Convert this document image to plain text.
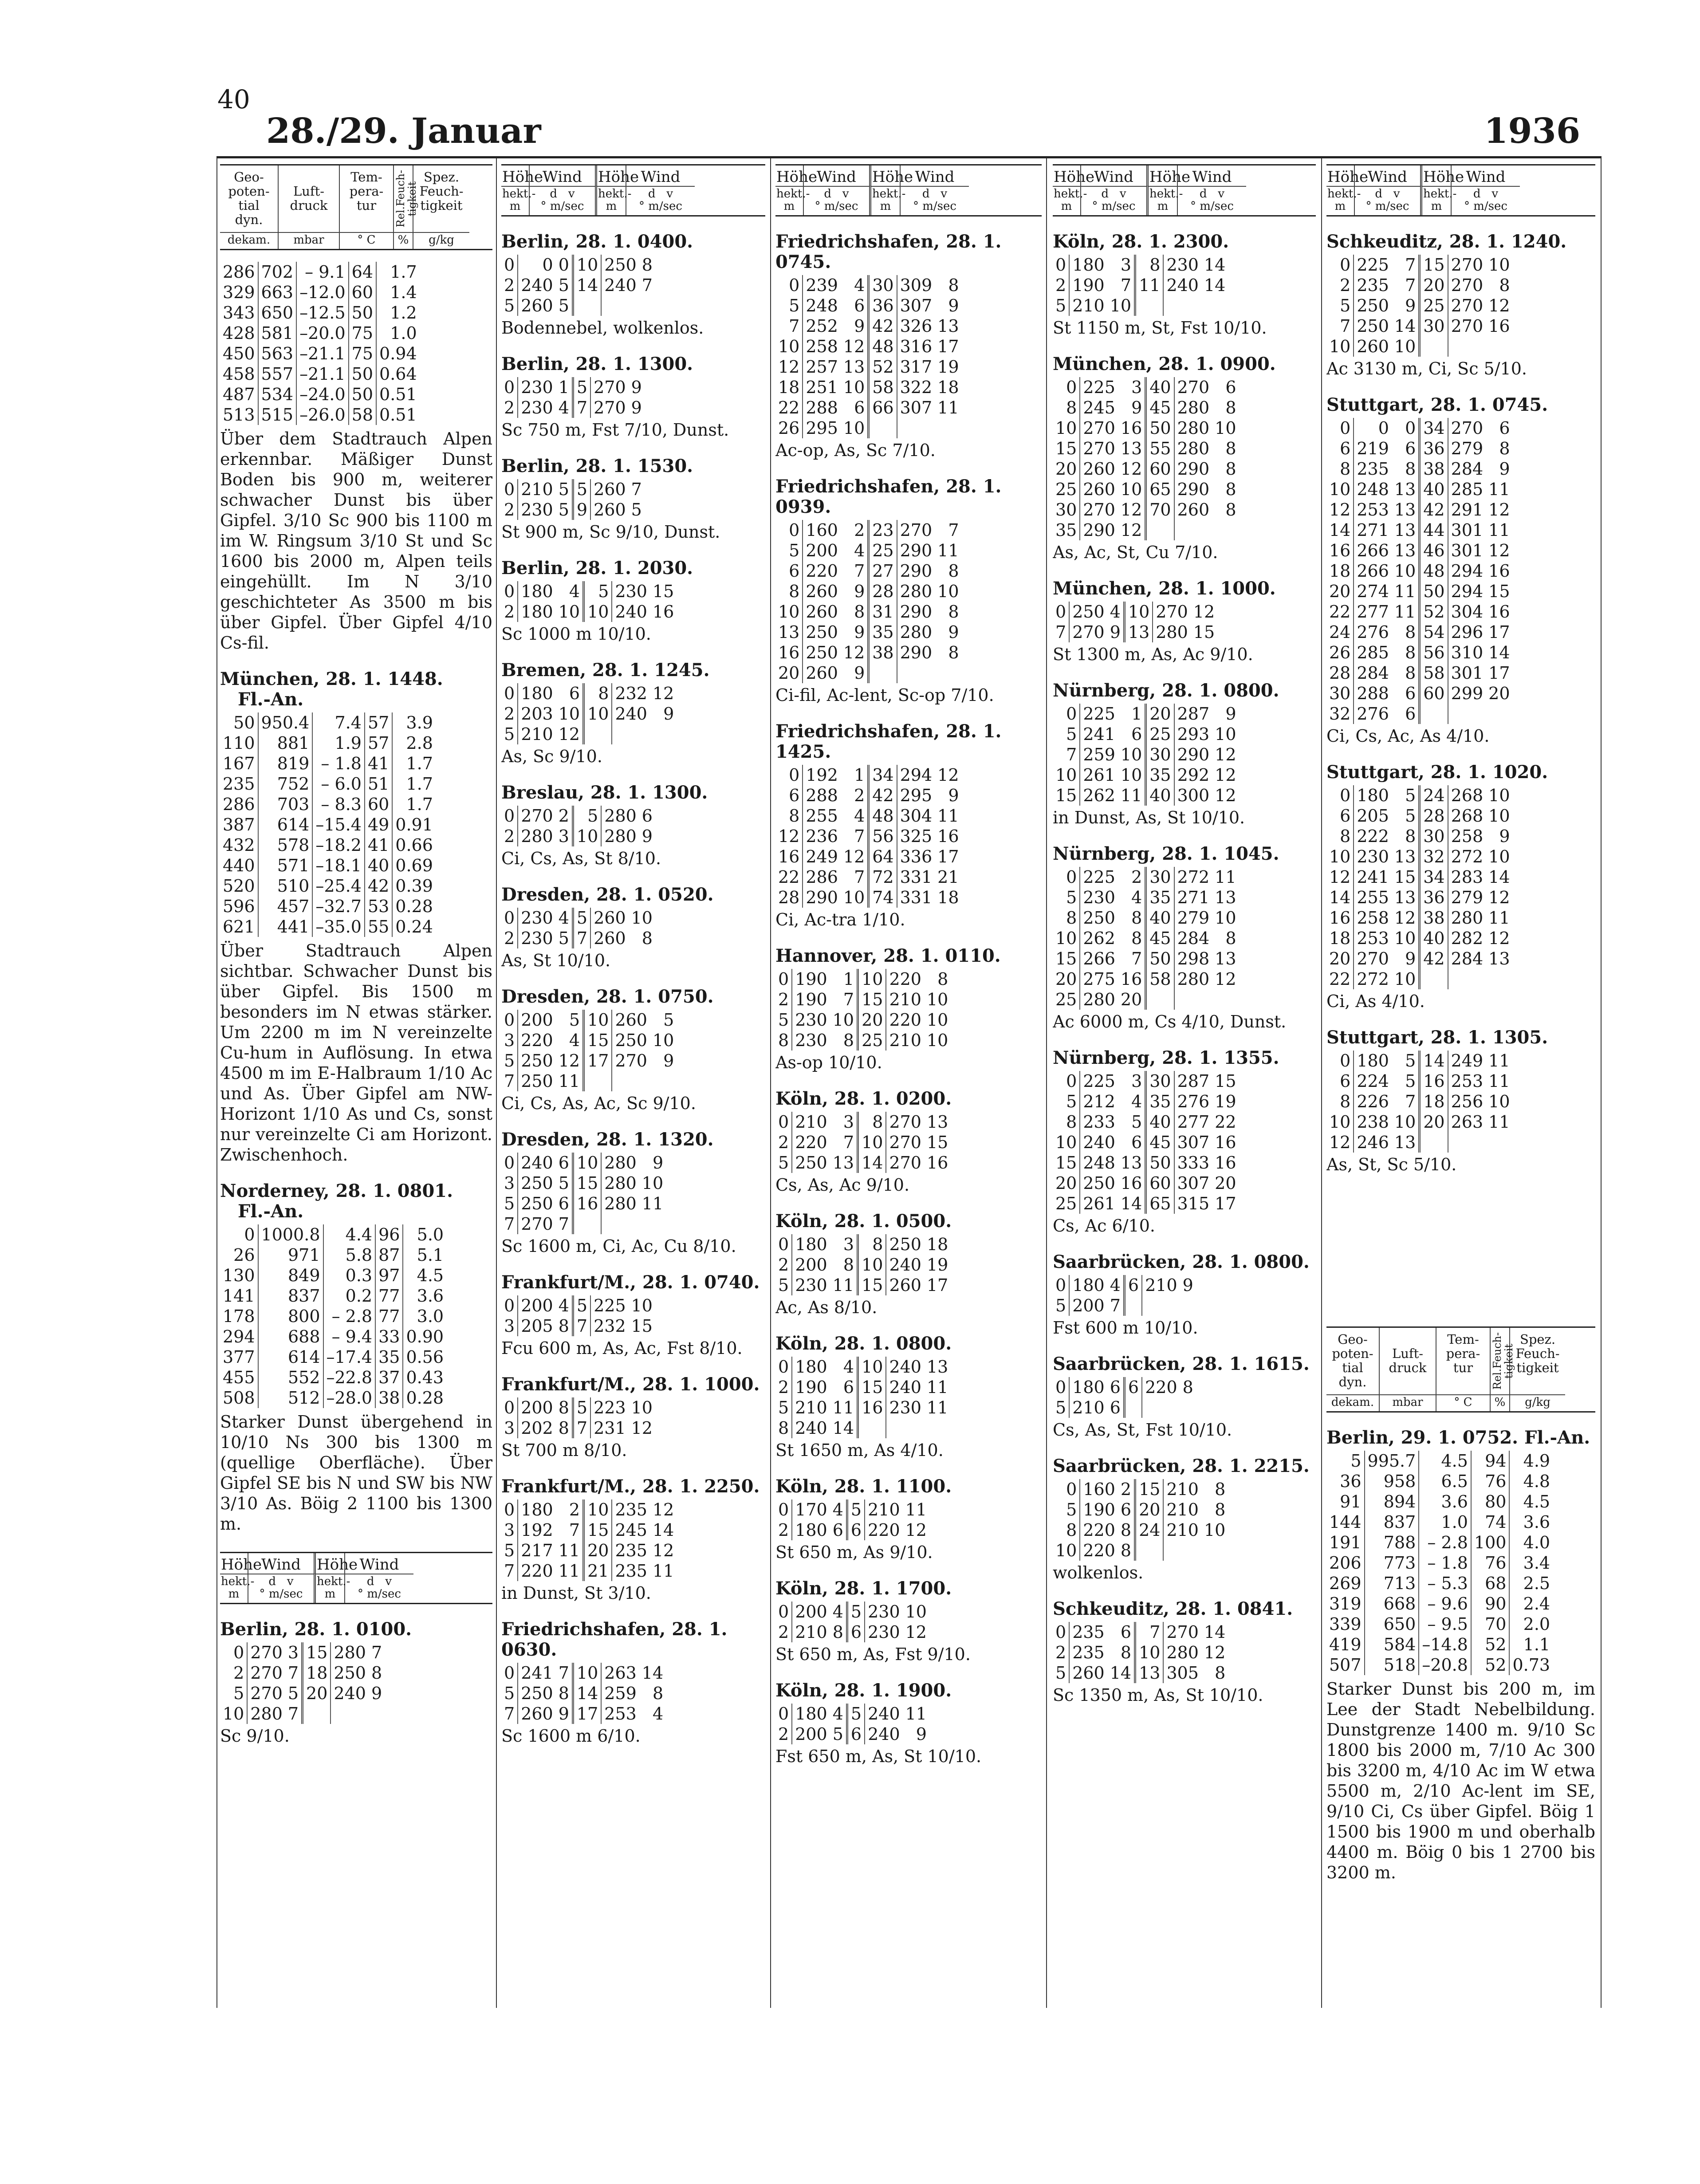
40
28./29. Januar	1936
Geo-
poten-
tial
dyn.

Luft-
druck
Tem-
pera-
tur	Rel.Feuch-
tigkeit
Spez.
Feuch-
tigkeit
dekam.	mbar	° C	%	g/kg
286	702	– 9.1	64	1.7
329	663	–12.0	60	1.4
343	650	–12.5	50	1.2
428	581	–20.0	75	1.0
450	563	–21.1	75	0.94
458	557	–21.1	50	0.64
487	534	–24.0	50	0.51
513	515	–26.0	58	0.51
Über dem Stadtrauch Alpen erkennbar. Mäßiger Dunst Boden bis 900 m, weiterer schwacher Dunst bis über Gipfel. 3/10 Sc 900 bis 1100 m im W. Ringsum 3/10 St und Sc 1600 bis 2000 m, Alpen teils eingehüllt. Im N 3/10 geschichteter As 3500 m bis über Gipfel. Über Gipfel 4/10 Cs-fil.
München, 28. 1. 1448.
Fl.-An.
50	950.4	7.4	57	3.9
110	881	1.9	57	2.8
167	819	– 1.8	41	1.7
235	752	– 6.0	51	1.7
286	703	– 8.3	60	1.7
387	614	–15.4	49	0.91
432	578	–18.2	41	0.66
440	571	–18.1	40	0.69
520	510	–25.4	42	0.39
596	457	–32.7	53	0.28
621	441	–35.0	55	0.24
Über Stadtrauch Alpen sichtbar. Schwacher Dunst bis über Gipfel. Bis 1500 m besonders im N etwas stärker. Um 2200 m im N vereinzelte Cu-hum in Auflösung. In etwa 4500 m im E-Halbraum 1/10 Ac und As. Über Gipfel am NW-Horizont 1/10 As und Cs, sonst nur vereinzelte Ci am Horizont. Zwischenhoch.
Norderney, 28. 1. 0801.
Fl.-An.
0	1000.8	4.4	96	5.0
26	971	5.8	87	5.1
130	849	0.3	97	4.5
141	837	0.2	77	3.6
178	800	– 2.8	77	3.0
294	688	– 9.4	33	0.90
377	614	–17.4	35	0.56
455	552	–22.8	37	0.43
508	512	–28.0	38	0.28
Starker Dunst übergehend in 10/10 Ns 300 bis 1300 m (quellige Oberfläche). Über Gipfel SE bis N und SW bis NW 3/10 As. Böig 2 1100 bis 1300 m.
Höhe
Wind	Höhe Wind
hekt.-
m
d   v
° m/sec
hekt.-
m
d   v
° m/sec
Berlin, 28. 1. 0100.
0	270	3	15	280	7
2	270	7	18	250	8
5	270	5	20	240	9
10	280	7			
Sc 9/10.
Höhe
Wind	Höhe Wind
hekt.-
m
d   v
° m/sec
hekt.-
m
d   v
° m/sec
Berlin, 28. 1. 0400.
0	0	0	10	250	8
2	240	5	14	240	7
5	260	5			
Bodennebel, wolkenlos.
Berlin, 28. 1. 1300.
0	230	1	5	270	9
2	230	4	7	270	9
Sc 750 m, Fst 7/10, Dunst.
Berlin, 28. 1. 1530.
0	210	5	5	260	7
2	230	5	9	260	5
St 900 m, Sc 9/10, Dunst.
Berlin, 28. 1. 2030.
0	180	4	5	230	15
2	180	10	10	240	16
Sc 1000 m 10/10.
Bremen, 28. 1. 1245.
0	180	6	8	232	12
2	203	10	10	240	9
5	210	12			
As, Sc 9/10.
Breslau, 28. 1. 1300.
0	270	2	5	280	6
2	280	3	10	280	9
Ci, Cs, As, St 8/10.
Dresden, 28. 1. 0520.
0	230	4	5	260	10
2	230	5	7	260	8
As, St 10/10.
Dresden, 28. 1. 0750.
0	200	5	10	260	5
3	220	4	15	250	10
5	250	12	17	270	9
7	250	11			
Ci, Cs, As, Ac, Sc 9/10.
Dresden, 28. 1. 1320.
0	240	6	10	280	9
3	250	5	15	280	10
5	250	6	16	280	11
7	270	7			
Sc 1600 m, Ci, Ac, Cu 8/10.
Frankfurt/M., 28. 1. 0740.
0	200	4	5	225	10
3	205	8	7	232	15
Fcu 600 m, As, Ac, Fst 8/10.
Frankfurt/M., 28. 1. 1000.
0	200	8	5	223	10
3	202	8	7	231	12
St 700 m 8/10.
Frankfurt/M., 28. 1. 2250.
0	180	2	10	235	12
3	192	7	15	245	14
5	217	11	20	235	12
7	220	11	21	235	11
in Dunst, St 3/10.
Friedrichshafen, 28. 1. 0630.
0	241	7	10	263	14
5	250	8	14	259	8
7	260	9	17	253	4
Sc 1600 m 6/10.
Höhe
Wind	Höhe Wind
hekt.-
m
d   v
° m/sec
hekt.-
m
d   v
° m/sec
Friedrichshafen, 28. 1. 0745.
0	239	4	30	309	8
5	248	6	36	307	9
7	252	9	42	326	13
10	258	12	48	316	17
12	257	13	52	317	19
18	251	10	58	322	18
22	288	6	66	307	11
26	295	10			
Ac-op, As, Sc 7/10.
Friedrichshafen, 28. 1. 0939.
0	160	2	23	270	7
5	200	4	25	290	11
6	220	7	27	290	8
8	260	9	28	280	10
10	260	8	31	290	8
13	250	9	35	280	9
16	250	12	38	290	8
20	260	9			
Ci-fil, Ac-lent, Sc-op 7/10.
Friedrichshafen, 28. 1. 1425.
0	192	1	34	294	12
6	288	2	42	295	9
8	255	4	48	304	11
12	236	7	56	325	16
16	249	12	64	336	17
22	286	7	72	331	21
28	290	10	74	331	18
Ci, Ac-tra 1/10.
Hannover, 28. 1. 0110.
0	190	1	10	220	8
2	190	7	15	210	10
5	230	10	20	220	10
8	230	8	25	210	10
As-op 10/10.
Köln, 28. 1. 0200.
0	210	3	8	270	13
2	220	7	10	270	15
5	250	13	14	270	16
Cs, As, Ac 9/10.
Köln, 28. 1. 0500.
0	180	3	8	250	18
2	200	8	10	240	19
5	230	11	15	260	17
Ac, As 8/10.
Köln, 28. 1. 0800.
0	180	4	10	240	13
2	190	6	15	240	11
5	210	11	16	230	11
8	240	14			
St 1650 m, As 4/10.
Köln, 28. 1. 1100.
0	170	4	5	210	11
2	180	6	6	220	12
St 650 m, As 9/10.
Köln, 28. 1. 1700.
0	200	4	5	230	10
2	210	8	6	230	12
St 650 m, As, Fst 9/10.
Köln, 28. 1. 1900.
0	180	4	5	240	11
2	200	5	6	240	9
Fst 650 m, As, St 10/10.
Höhe
Wind	Höhe Wind
hekt.-
m
d   v
° m/sec
hekt.-
m
d   v
° m/sec
Köln, 28. 1. 2300.
0	180	3	8	230	14
2	190	7	11	240	14
5	210	10			
St 1150 m, St, Fst 10/10.
München, 28. 1. 0900.
0	225	3	40	270	6
8	245	9	45	280	8
10	270	16	50	280	10
15	270	13	55	280	8
20	260	12	60	290	8
25	260	10	65	290	8
30	270	12	70	260	8
35	290	12			
As, Ac, St, Cu 7/10.
München, 28. 1. 1000.
0	250	4	10	270	12
7	270	9	13	280	15
St 1300 m, As, Ac 9/10.
Nürnberg, 28. 1. 0800.
0	225	1	20	287	9
5	241	6	25	293	10
7	259	10	30	290	12
10	261	10	35	292	12
15	262	11	40	300	12
in Dunst, As, St 10/10.
Nürnberg, 28. 1. 1045.
0	225	2	30	272	11
5	230	4	35	271	13
8	250	8	40	279	10
10	262	8	45	284	8
15	266	7	50	298	13
20	275	16	58	280	12
25	280	20			
Ac 6000 m, Cs 4/10, Dunst.
Nürnberg, 28. 1. 1355.
0	225	3	30	287	15
5	212	4	35	276	19
8	233	5	40	277	22
10	240	6	45	307	16
15	248	13	50	333	16
20	250	16	60	307	20
25	261	14	65	315	17
Cs, Ac 6/10.
Saarbrücken, 28. 1. 0800.
0	180	4	6	210	9
5	200	7			
Fst 600 m 10/10.
Saarbrücken, 28. 1. 1615.
0	180	6	6	220	8
5	210	6			
Cs, As, St, Fst 10/10.
Saarbrücken, 28. 1. 2215.
0	160	2	15	210	8
5	190	6	20	210	8
8	220	8	24	210	10
10	220	8			
wolkenlos.
Schkeuditz, 28. 1. 0841.
0	235	6	7	270	14
2	235	8	10	280	12
5	260	14	13	305	8
Sc 1350 m, As, St 10/10.
Höhe
Wind	Höhe Wind
hekt.-
m
d   v
° m/sec
hekt.-
m
d   v
° m/sec
Schkeuditz, 28. 1. 1240.
0	225	7	15	270	10
2	235	7	20	270	8
5	250	9	25	270	12
7	250	14	30	270	16
10	260	10			
Ac 3130 m, Ci, Sc 5/10.
Stuttgart, 28. 1. 0745.
0	0	0	34	270	6
6	219	6	36	279	8
8	235	8	38	284	9
10	248	13	40	285	11
12	253	13	42	291	12
14	271	13	44	301	11
16	266	13	46	301	12
18	266	10	48	294	16
20	274	11	50	294	15
22	277	11	52	304	16
24	276	8	54	296	17
26	285	8	56	310	14
28	284	8	58	301	17
30	288	6	60	299	20
32	276	6			
Ci, Cs, Ac, As 4/10.
Stuttgart, 28. 1. 1020.
0	180	5	24	268	10
6	205	5	28	268	10
8	222	8	30	258	9
10	230	13	32	272	10
12	241	15	34	283	14
14	255	13	36	279	12
16	258	12	38	280	11
18	253	10	40	282	12
20	270	9	42	284	13
22	272	10			
Ci, As 4/10.
Stuttgart, 28. 1. 1305.
0	180	5	14	249	11
6	224	5	16	253	11
8	226	7	18	256	10
10	238	10	20	263	11
12	246	13			
As, St, Sc 5/10.
Geo-
poten-
tial
dyn.

Luft-
druck
Tem-
pera-
tur	Rel.Feuch-
tigkeit
Spez.
Feuch-
tigkeit
dekam.	mbar	° C	%	g/kg
Berlin, 29. 1. 0752. Fl.-An.
5	995.7	4.5	94	4.9
36	958	6.5	76	4.8
91	894	3.6	80	4.5
144	837	1.0	74	3.6
191	788	– 2.8	100	4.0
206	773	– 1.8	76	3.4
269	713	– 5.3	68	2.5
319	668	– 9.6	90	2.4
339	650	– 9.5	70	2.0
419	584	–14.8	52	1.1
507	518	–20.8	52	0.73
Starker Dunst bis 200 m, im Lee der Stadt Nebelbildung. Dunstgrenze 1400 m. 9/10 Sc 1800 bis 2000 m, 7/10 Ac 300 bis 3200 m, 4/10 Ac im W etwa 5500 m, 2/10 Ac-lent im SE, 9/10 Ci, Cs über Gipfel. Böig 1 1500 bis 1900 m und oberhalb 4400 m. Böig 0 bis 1 2700 bis 3200 m.
